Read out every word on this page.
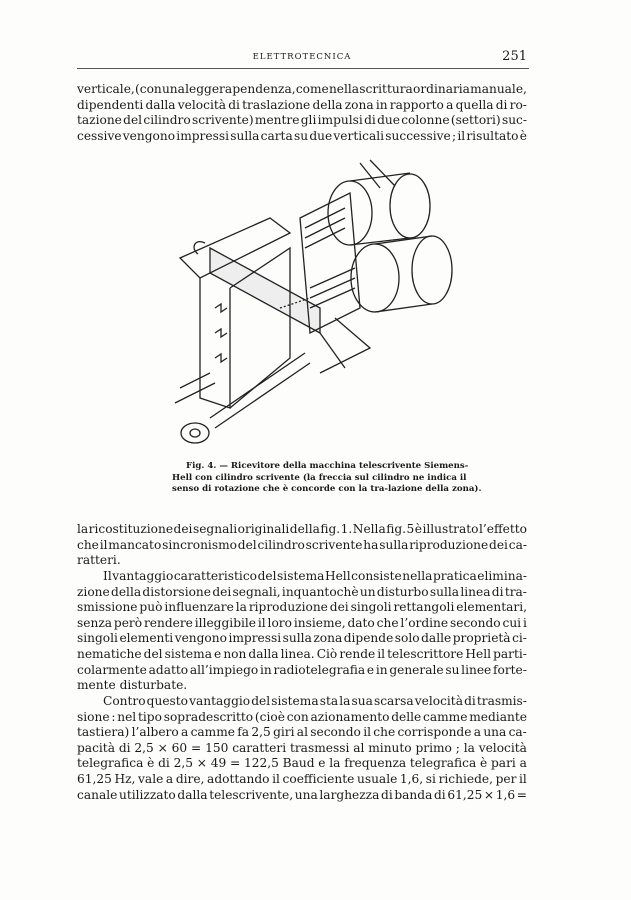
ELETTROTECNICA	251
verticale, (con una leggera pendenza, come nella scrittura ordinaria manuale,
dipendenti dalla velocità di traslazione della zona in rapporto a quella di ro-
tazione del cilindro scrivente) mentre gli impulsi di due colonne (settori) suc-
cessive vengono impressi sulla carta su due verticali successive ; il risultato è
Fig. 4. — Ricevitore della macchina telescrivente Siemens-
Hell con cilindro scrivente (la freccia sul cilindro ne indica il
senso di rotazione che è concorde con la tra-lazione della zona).
la ricostituzione dei segnali originali della fig. 1. Nella fig. 5 è illustrato l’effetto
che il mancato sincronismo del cilindro scrivente ha sulla riproduzione dei ca-
ratteri.
Il vantaggio caratteristico del sistema Hell consiste nella pratica elimina-
zione della distorsione dei segnali, inquantochè un disturbo sulla linea di tra-
smissione può influenzare la riproduzione dei singoli rettangoli elementari,
senza però rendere illeggibile il loro insieme, dato che l’ordine secondo cui i
singoli elementi vengono impressi sulla zona dipende solo dalle proprietà ci-
nematiche del sistema e non dalla linea. Ciò rende il telescrittore Hell parti-
colarmente adatto all’impiego in radiotelegrafia e in generale su linee forte-
mente disturbate.
Contro questo vantaggio del sistema sta la sua scarsa velocità di trasmis-
sione : nel tipo sopradescritto (cioè con azionamento delle camme mediante
tastiera) l’albero a camme fa 2,5 giri al secondo il che corrisponde a una ca-
pacità di 2,5 × 60 = 150 caratteri trasmessi al minuto primo ; la velocità
telegrafica è di 2,5 × 49 = 122,5 Baud e la frequenza telegrafica è pari a
61,25 Hz, vale a dire, adottando il coefficiente usuale 1,6, si richiede, per il
canale utilizzato dalla telescrivente, una larghezza di banda di 61,25 × 1,6 =
